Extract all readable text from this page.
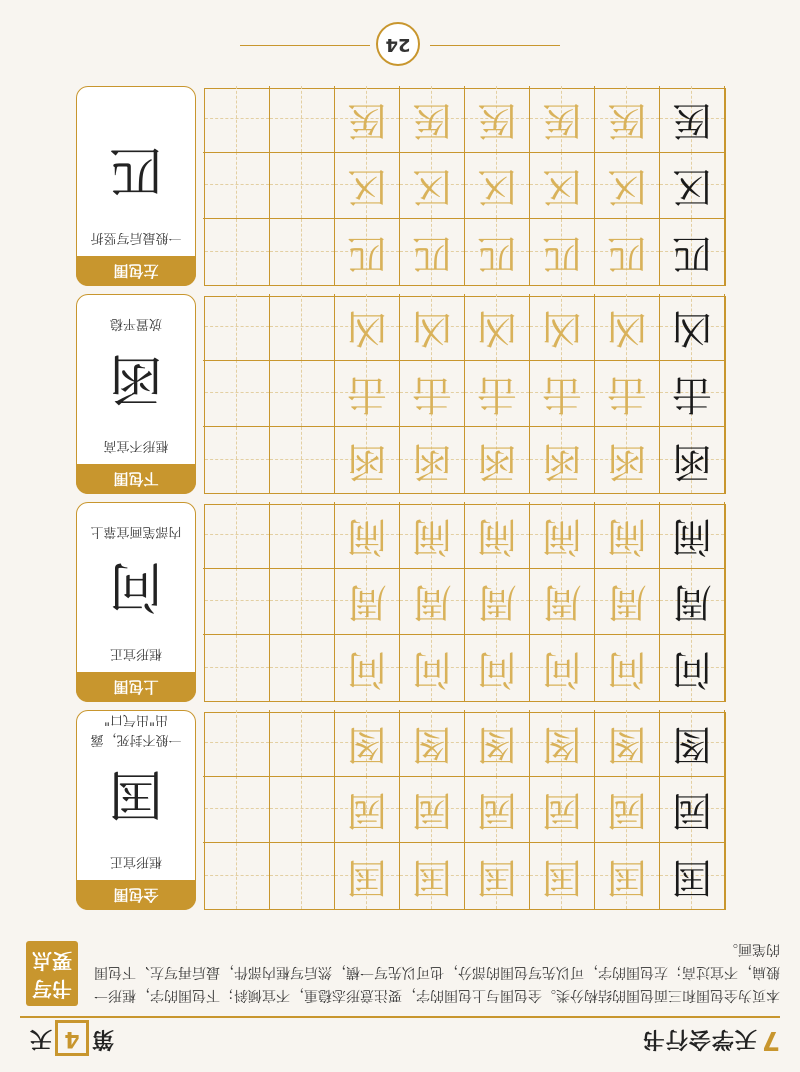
7天学会行书
第4天
书写要点
本页为全包围和三面包围的结构分类。全包围与上包围的字，要注意形态稳重，不宜倾斜；下包围的字，框形一般扁，不宜过高；左包围的字，可以先写包围的部分，也可以先写一横，然后写框内部件，最后再写左、下包围的笔画。
全包围
框形宜正
一般不封死，露出"出气口"
国
国
国
国
国
国
国
园
园
园
园
园
园
图
图
图
图
图
图
上包围
框形宜正
内部笔画宜靠上
问
问
问
问
问
问
问
周
周
周
周
周
周
闹
闹
闹
闹
闹
闹
下包围
框形不宜高
放置平稳
函
函
函
函
函
函
函
击
击
击
击
击
击
凶
凶
凶
凶
凶
凶
左包围
一般最后写竖折
匹
匹
匹
匹
匹
匹
匹
区
区
区
区
区
区
医
医
医
医
医
医
24
